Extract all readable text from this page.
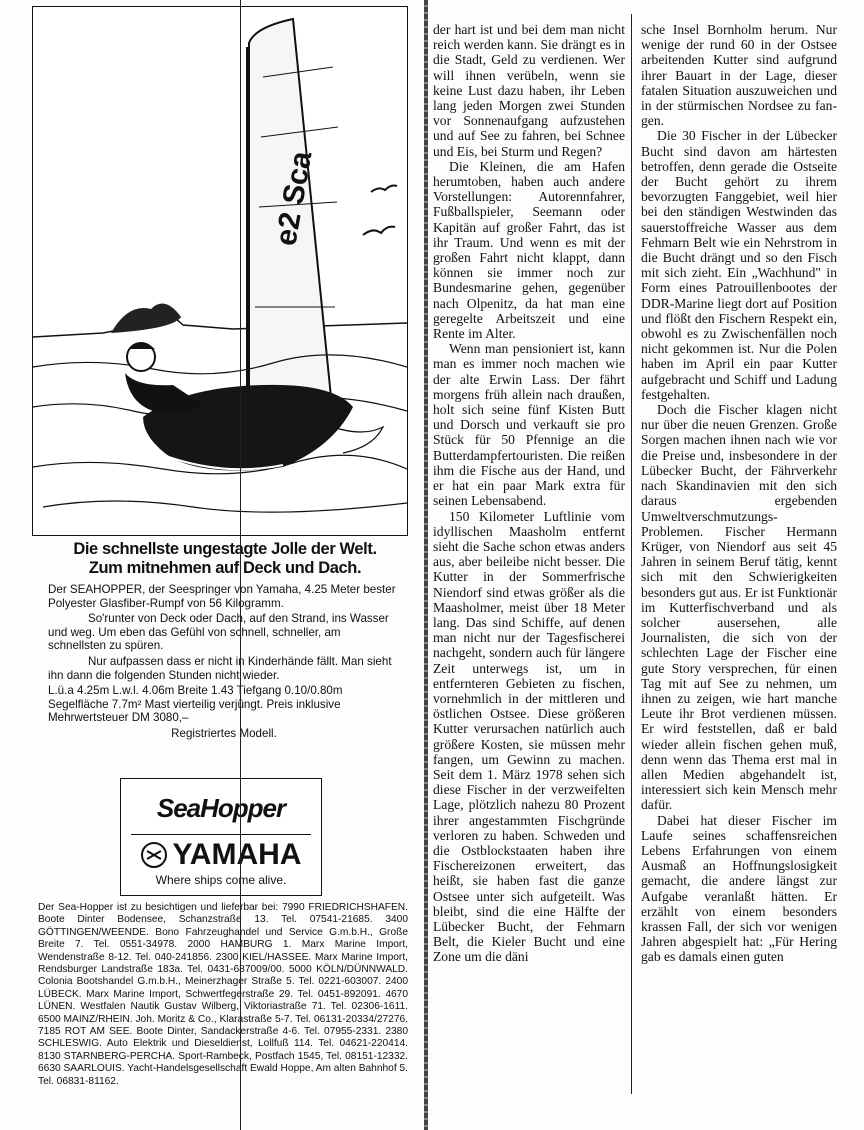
e2 Sca
Die schnellste ungestagte Jolle der Welt.
Zum mitnehmen auf Deck und Dach.

Der SEAHOPPER, der Seespringer von Yamaha, 4.25 Meter bester Polyester Glasfiber-Rumpf von 56 Kilogramm.

So'runter von Deck oder Dach, auf den Strand, ins Wasser und weg. Um eben das Gefühl von schnell, schneller, am schnellsten zu spüren.

Nur aufpassen dass er nicht in Kinderhände fällt. Man sieht ihn dann die folgenden Stunden nicht wieder.

L.ü.a 4.25m L.w.l. 4.06m Breite 1.43 Tiefgang 0.10/0.80m Segelfläche 7.7m² Mast vierteilig verjüngt. Preis inklusive Mehrwertsteuer DM 3080,–

Registriertes Modell.

SeaHopper
YAMAHA
Where ships come alive.

Der Sea-Hopper ist zu besichtigen und lieferbar bei: 7990 FRIEDRICHSHAFEN. Boote Dinter Bodensee, Schanzstraße 13. Tel. 07541-21685. 3400 GÖTTINGEN/WEENDE. Bono Fahrzeughandel und Service G.m.b.H., Große Breite 7. Tel. 0551-34978. 2000 HAMBURG 1. Marx Marine Import, Wendenstraße 8-12. Tel. 040-241856. 2300 KIEL/HASSEE. Marx Marine Import, Rendsburger Landstraße 183a. Tel. 0431-687009/00. 5000 KÖLN/DÜNNWALD. Colonia Bootshandel G.m.b.H., Meinerzhager Straße 5. Tel. 0221-603007. 2400 LÜBECK. Marx Marine Import, Schwertfegerstraße 29. Tel. 0451-892091. 4670 LÜNEN. Westfalen Nautik Gustav Wilberg, Viktoriastraße 71. Tel. 02306-1611. 6500 MAINZ/RHEIN. Joh. Moritz & Co., Klarastraße 5-7. Tel. 06131-20334/27276. 7185 ROT AM SEE. Boote Dinter, Sandackerstraße 4-6. Tel. 07955-2331. 2380 SCHLESWIG. Auto Elektrik und Dieseldienst, Lollfuß 114. Tel. 04621-220414. 8130 STARNBERG-PERCHA. Sport-Rambeck, Postfach 1545, Tel. 08151-12332. 6630 SAARLOUIS. Yacht-Handelsgesellschaft Ewald Hoppe, Am alten Bahnhof 5. Tel. 06831-81162.

der hart ist und bei dem man nicht reich werden kann. Sie drängt es in die Stadt, Geld zu verdienen. Wer will ihnen verübeln, wenn sie keine Lust dazu haben, ihr Leben lang jeden Morgen zwei Stunden vor Sonnenaufgang aufzustehen und auf See zu fahren, bei Schnee und Eis, bei Sturm und Regen?

Die Kleinen, die am Hafen herumtoben, haben auch andere Vorstellungen: Autorennfahrer, Fußballspieler, Seemann oder Kapitän auf großer Fahrt, das ist ihr Traum. Und wenn es mit der großen Fahrt nicht klappt, dann können sie immer noch zur Bundesmarine gehen, gegenüber nach Olpenitz, da hat man eine geregelte Arbeitszeit und eine Rente im Alter.

Wenn man pensioniert ist, kann man es immer noch machen wie der alte Erwin Lass. Der fährt morgens früh allein nach draußen, holt sich seine fünf Kisten Butt und Dorsch und verkauft sie pro Stück für 50 Pfennige an die Butterdampfertouristen. Die reißen ihm die Fische aus der Hand, und er hat ein paar Mark extra für seinen Lebensabend.

150 Kilometer Luftlinie vom idyllischen Maasholm entfernt sieht die Sache schon etwas anders aus, aber beileibe nicht besser. Die Kutter in der Sommerfrische Niendorf sind etwas größer als die Maasholmer, meist über 18 Meter lang. Das sind Schiffe, auf denen man nicht nur der Tagesfischerei nachgeht, sondern auch für längere Zeit unterwegs ist, um in entfernteren Gebieten zu fischen, vornehmlich in der mittleren und östlichen Ostsee. Diese größeren Kutter verursachen natürlich auch größere Kosten, sie müssen mehr fangen, um Gewinn zu machen. Seit dem 1. März 1978 sehen sich diese Fischer in der verzweifelten Lage, plötzlich nahezu 80 Prozent ihrer angestammten Fischgründe verloren zu haben. Schweden und die Ostblockstaaten haben ihre Fischereizonen erweitert, das heißt, sie haben fast die ganze Ostsee unter sich aufgeteilt. Was bleibt, sind die eine Hälfte der Lübecker Bucht, der Fehmarn Belt, die Kieler Bucht und eine Zone um die däni

sche Insel Bornholm herum. Nur wenige der rund 60 in der Ostsee arbeitenden Kutter sind aufgrund ihrer Bauart in der Lage, dieser fatalen Situation auszuweichen und in der stürmischen Nordsee zu fangen.

Die 30 Fischer in der Lübecker Bucht sind davon am härtesten betroffen, denn gerade die Ostseite der Bucht gehört zu ihrem bevorzugten Fanggebiet, weil hier bei den ständigen Westwinden das sauerstoffreiche Wasser aus dem Fehmarn Belt wie ein Nehrstrom in die Bucht drängt und so den Fisch mit sich zieht. Ein „Wachhund" in Form eines Patrouillenbootes der DDR-Marine liegt dort auf Position und flößt den Fischern Respekt ein, obwohl es zu Zwischenfällen noch nicht gekommen ist. Nur die Polen haben im April ein paar Kutter aufgebracht und Schiff und Ladung festgehalten.

Doch die Fischer klagen nicht nur über die neuen Grenzen. Große Sorgen machen ihnen nach wie vor die Preise und, insbesondere in der Lübecker Bucht, der Fährverkehr nach Skandinavien mit den sich daraus ergebenden Umweltverschmutzungs-Problemen. Fischer Hermann Krüger, von Niendorf aus seit 45 Jahren in seinem Beruf tätig, kennt sich mit den Schwierigkeiten besonders gut aus. Er ist Funktionär im Kutterfischverband und als solcher ausersehen, alle Journalisten, die sich von der schlechten Lage der Fischer eine gute Story versprechen, für einen Tag mit auf See zu nehmen, um ihnen zu zeigen, wie hart manche Leute ihr Brot verdienen müssen. Er wird feststellen, daß er bald wieder allein fischen gehen muß, denn wenn das Thema erst mal in allen Medien abgehandelt ist, interessiert sich kein Mensch mehr dafür.

Dabei hat dieser Fischer im Laufe seines schaffensreichen Lebens Erfahrungen von einem Ausmaß an Hoffnungslosigkeit gemacht, die andere längst zur Aufgabe veranlaßt hätten. Er erzählt von einem besonders krassen Fall, der sich vor wenigen Jahren abgespielt hat: „Für Hering gab es damals einen guten
